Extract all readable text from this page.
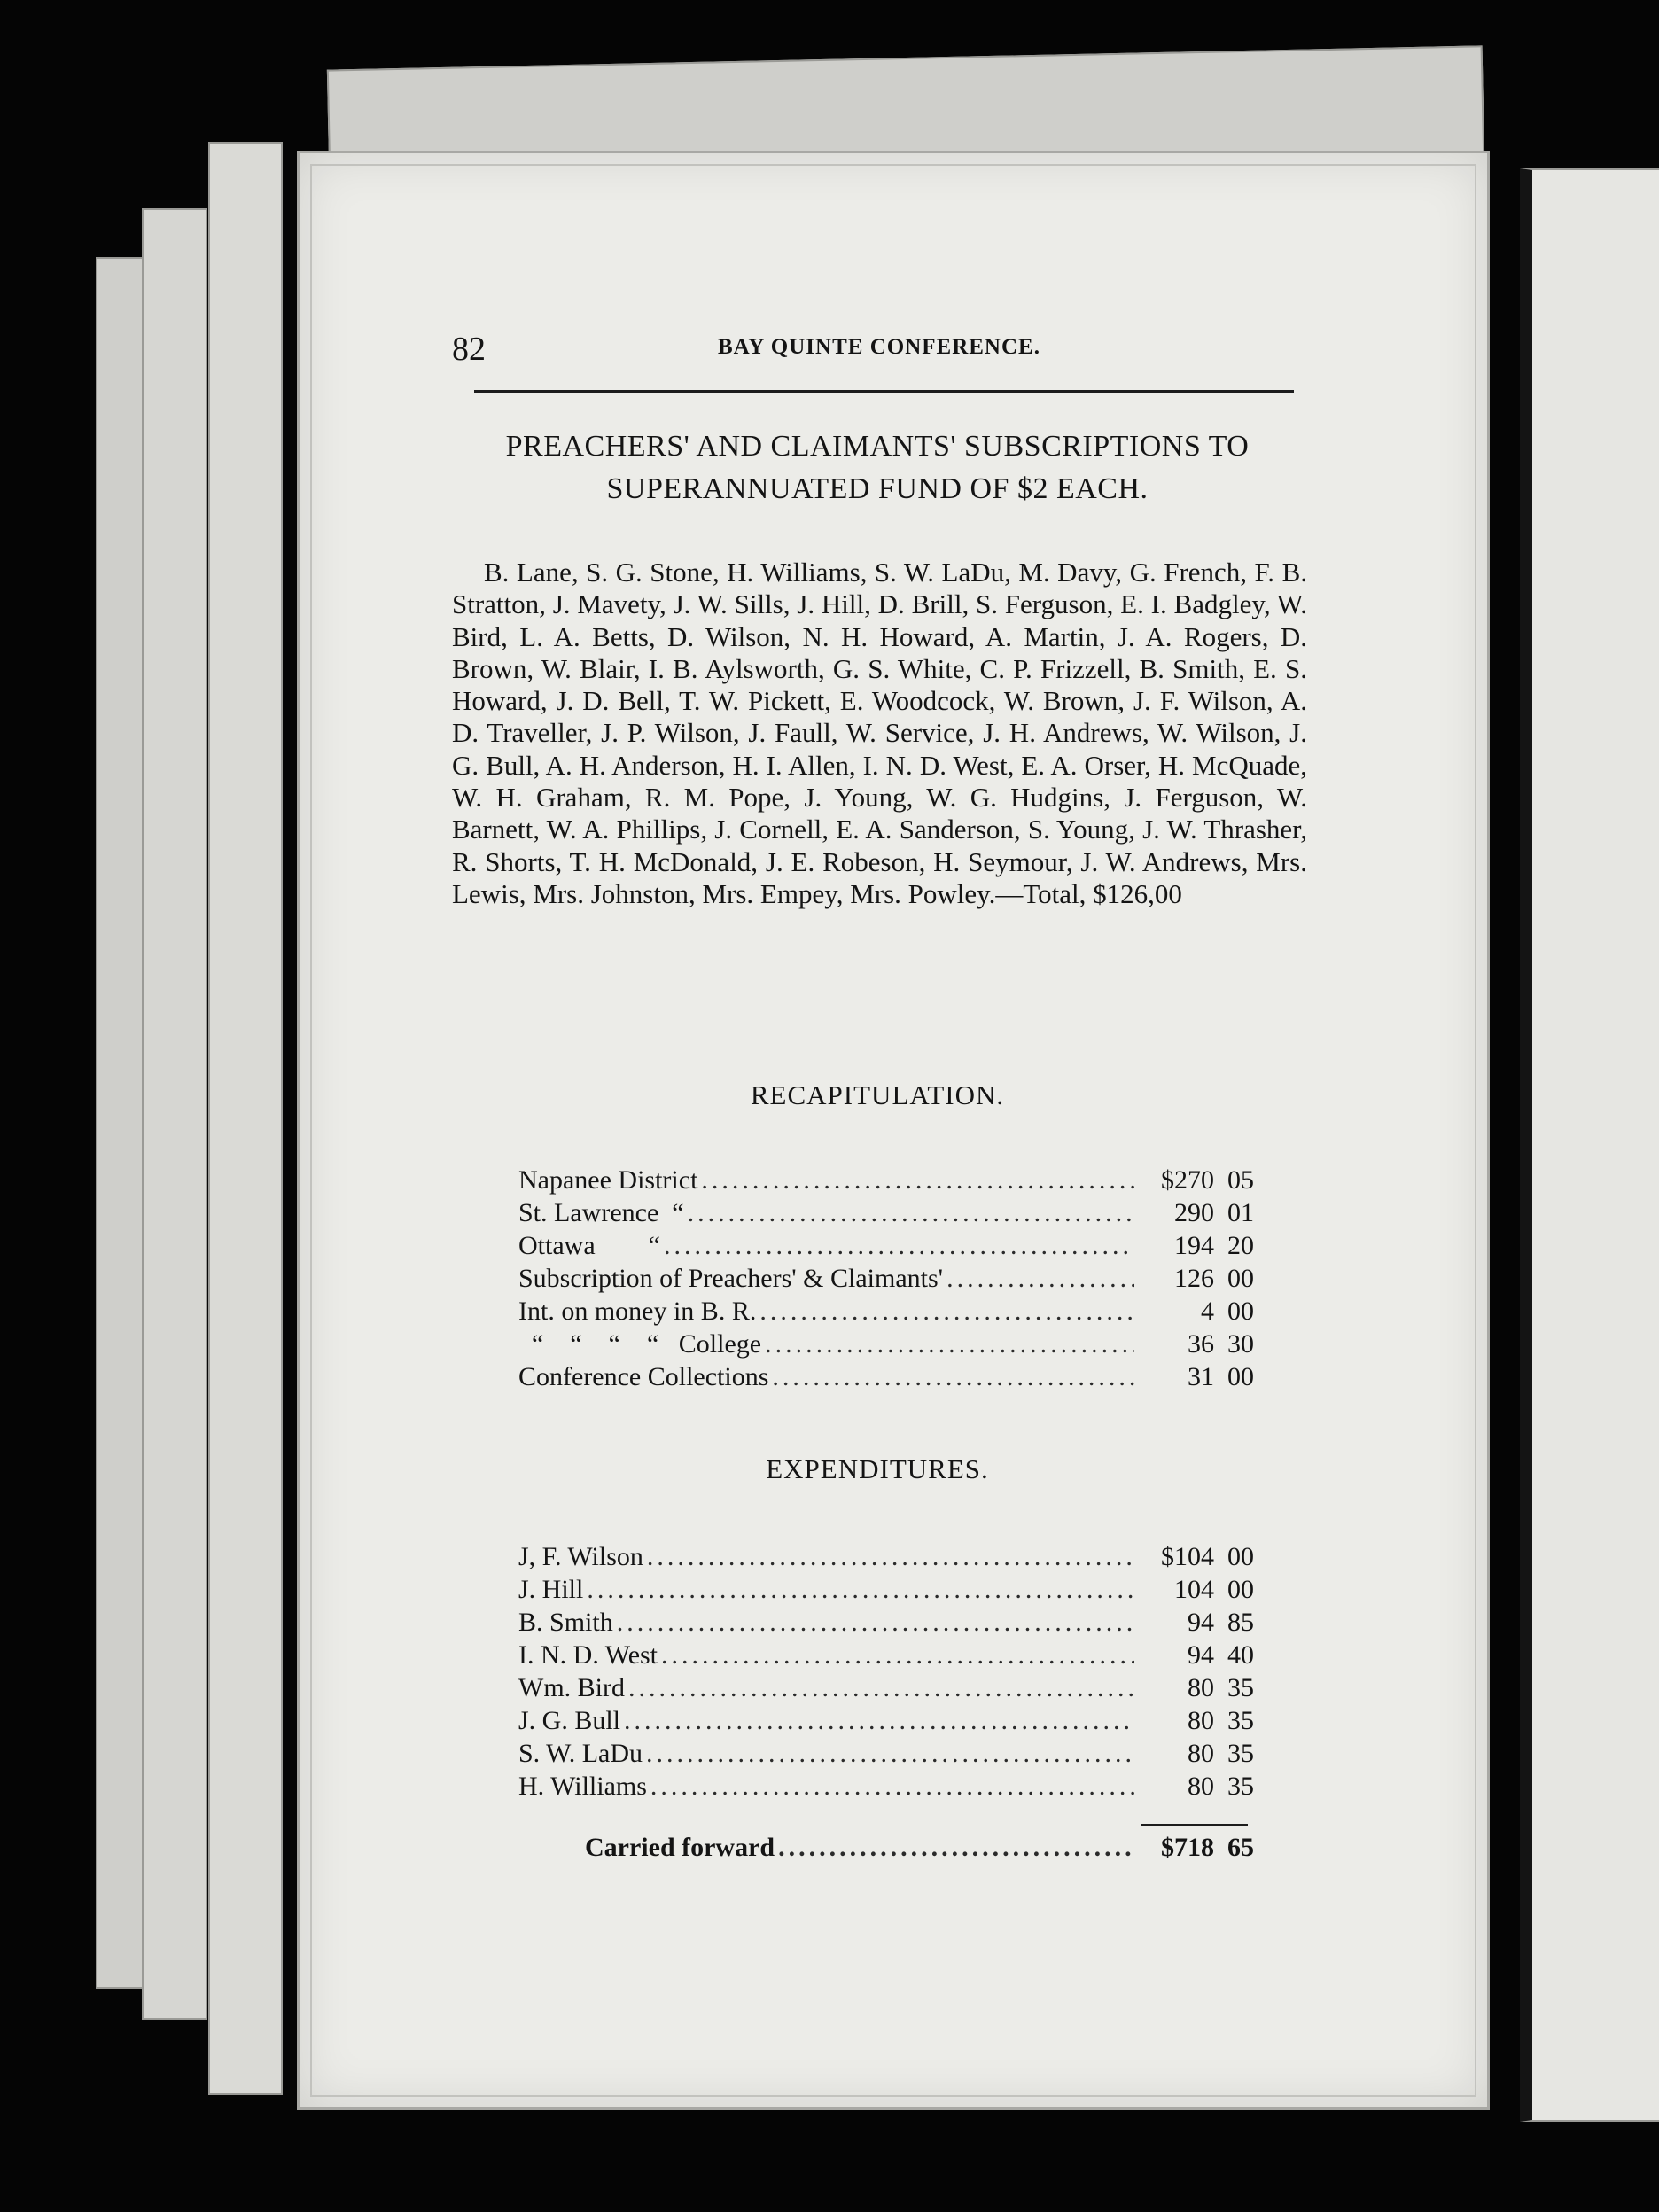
82	BAY QUINTE CONFERENCE.
PREACHERS' AND CLAIMANTS' SUBSCRIPTIONS TO
SUPERANNUATED FUND OF $2 EACH.
B. Lane, S. G. Stone, H. Williams, S. W. LaDu, M. Davy, G. French, F. B. Stratton, J. Mavety, J. W. Sills, J. Hill, D. Brill, S. Ferguson, E. I. Badgley, W. Bird, L. A. Betts, D. Wilson, N. H. Howard, A. Martin, J. A. Rogers, D. Brown, W. Blair, I. B. Aylsworth, G. S. White, C. P. Frizzell, B. Smith, E. S. Howard, J. D. Bell, T. W. Pickett, E. Woodcock, W. Brown, J. F. Wilson, A. D. Traveller, J. P. Wilson, J. Faull, W. Service, J. H. Andrews, W. Wilson, J. G. Bull, A. H. Anderson, H. I. Allen, I. N. D. West, E. A. Orser, H. McQuade, W. H. Graham, R. M. Pope, J. Young, W. G. Hudgins, J. Ferguson, W. Barnett, W. A. Phillips, J. Cornell, E. A. Sanderson, S. Young, J. W. Thrasher, R. Shorts, T. H. McDonald, J. E. Robeson, H. Seymour, J. W. Andrews, Mrs. Lewis, Mrs. Johnston, Mrs. Empey, Mrs. Powley.—Total, $126,00
RECAPITULATION.
Napanee District .....	$270  05
St. Lawrence  “ .....	290  01
Ottawa        “ .....	194  20
Subscription of Preachers' & Claimants' .....	126  00
Int. on money in B. R. .....	4  00
“    “    “    “   College .....	36  30
Conference Collections .....	31  00
EXPENDITURES.
J, F. Wilson .....	$104  00
J. Hill .....	104  00
B. Smith .....	94  85
I. N. D. West .....	94  40
Wm. Bird .....	80  35
J. G. Bull .....	80  35
S. W. LaDu .....	80  35
H. Williams .....	80  35
Carried forward .....	$718  65
